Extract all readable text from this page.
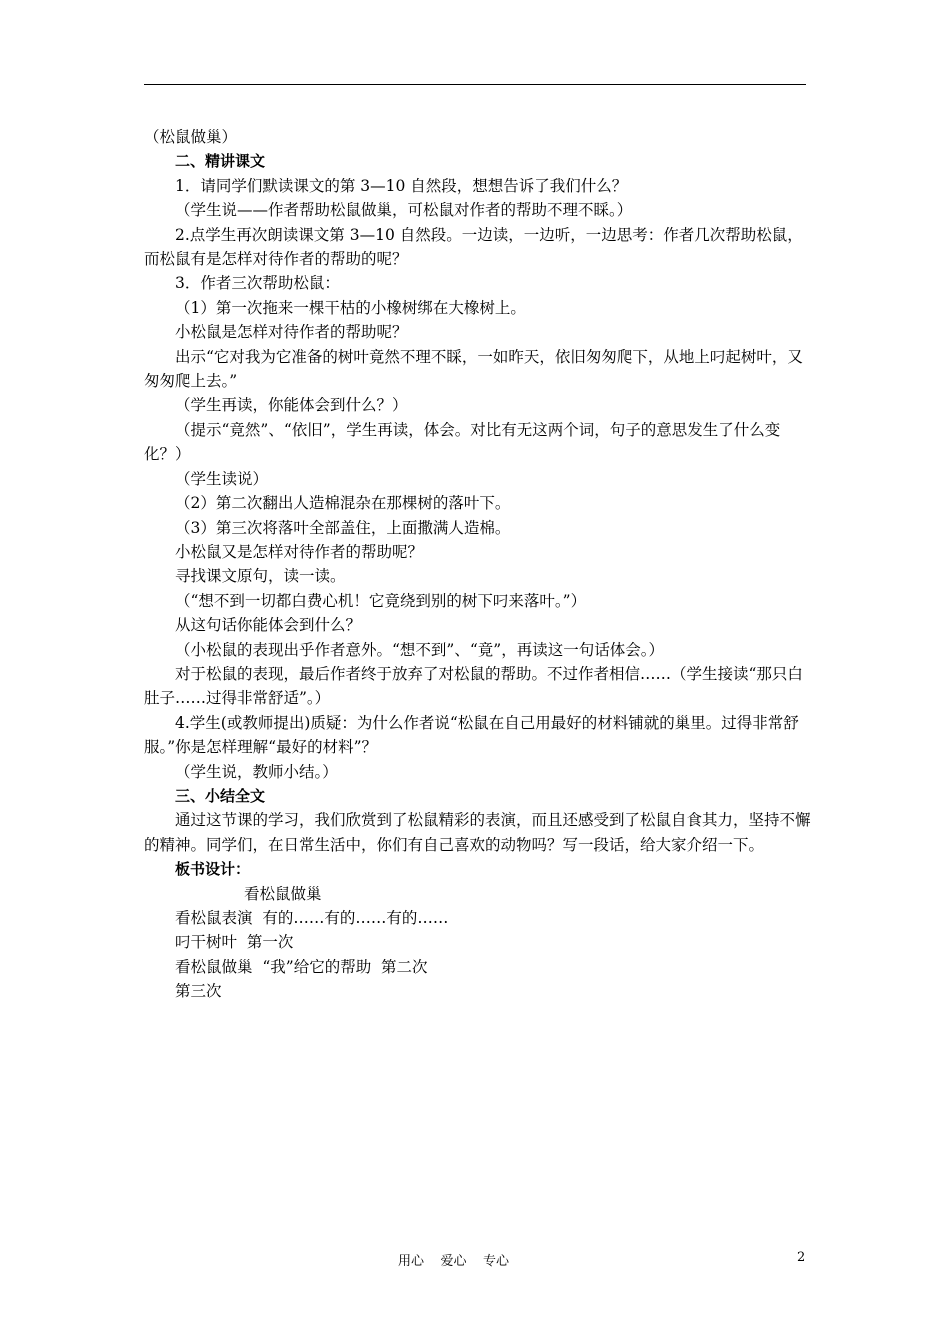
（松鼠做巢）

二、精讲课文

1．请同学们默读课文的第 3—10 自然段，想想告诉了我们什么？

（学生说——作者帮助松鼠做巢，可松鼠对作者的帮助不理不睬。）

2.点学生再次朗读课文第 3—10 自然段。一边读，一边听，一边思考：作者几次帮助松鼠，而松鼠有是怎样对待作者的帮助的呢？

3．作者三次帮助松鼠：

（1）第一次拖来一棵干枯的小橡树绑在大橡树上。

小松鼠是怎样对待作者的帮助呢？

出示“它对我为它准备的树叶竟然不理不睬，一如昨天，依旧匆匆爬下，从地上叼起树叶，又匆匆爬上去。”

（学生再读，你能体会到什么？）

（提示“竟然”、“依旧”，学生再读，体会。对比有无这两个词，句子的意思发生了什么变化？）

（学生读说）

（2）第二次翻出人造棉混杂在那棵树的落叶下。

（3）第三次将落叶全部盖住，上面撒满人造棉。

小松鼠又是怎样对待作者的帮助呢？

寻找课文原句，读一读。

（“想不到一切都白费心机！它竟绕到别的树下叼来落叶。”）

从这句话你能体会到什么？

（小松鼠的表现出乎作者意外。“想不到”、“竟”，再读这一句话体会。）

对于松鼠的表现，最后作者终于放弃了对松鼠的帮助。不过作者相信……（学生接读“那只白肚子……过得非常舒适”。）

4.学生(或教师提出)质疑：为什么作者说“松鼠在自己用最好的材料铺就的巢里。过得非常舒服。”你是怎样理解“最好的材料”？

（学生说，教师小结。）

三、小结全文

通过这节课的学习，我们欣赏到了松鼠精彩的表演，而且还感受到了松鼠自食其力，坚持不懈的精神。同学们，在日常生活中，你们有自己喜欢的动物吗？写一段话，给大家介绍一下。

板书设计：

看松鼠做巢

看松鼠表演  有的……有的……有的……

叼干树叶  第一次

看松鼠做巢  “我”给它的帮助  第二次

第三次

用心    爱心    专心	2
